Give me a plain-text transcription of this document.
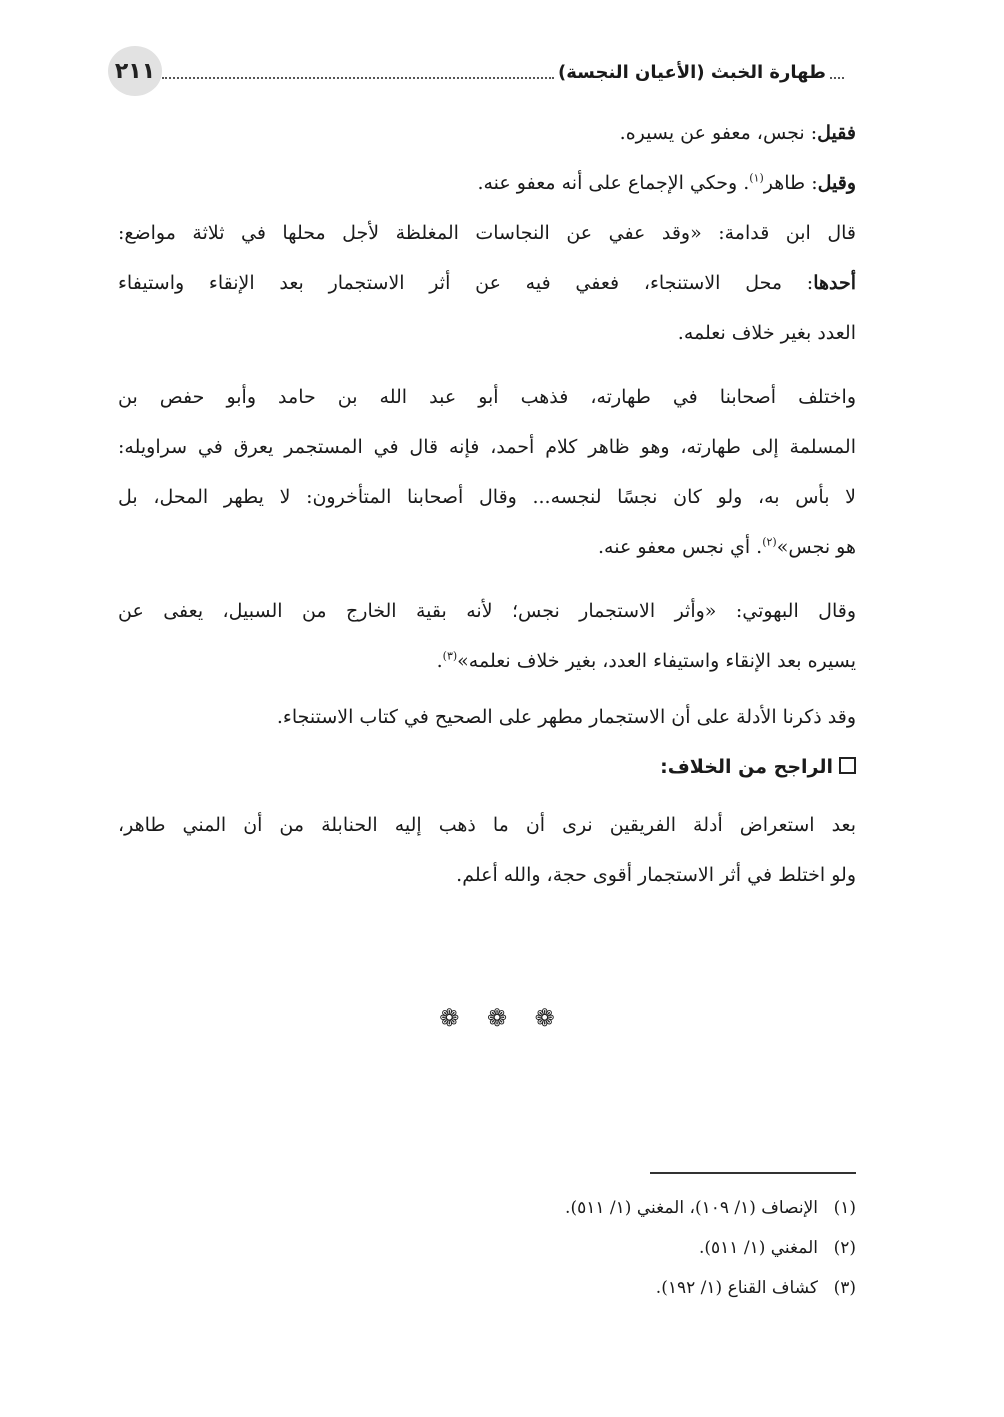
٢١١	طهارة الخبث (الأعيان النجسة)
فقيل: نجس، معفو عن يسيره.
وقيل: طاهر$^{(١)}$. وحكي الإجماع على أنه معفو عنه.
قال ابن قدامة: «وقد عفي عن النجاسات المغلظة لأجل محلها في ثلاثة مواضع:
أحدها: محل الاستنجاء، فعفي فيه عن أثر الاستجمار بعد الإنقاء واستيفاء
العدد بغير خلاف نعلمه.
واختلف أصحابنا في طهارته، فذهب أبو عبد الله بن حامد وأبو حفص بن
المسلمة إلى طهارته، وهو ظاهر كلام أحمد، فإنه قال في المستجمر يعرق في سراويله:
لا بأس به، ولو كان نجسًا لنجسه... وقال أصحابنا المتأخرون: لا يطهر المحل، بل
هو نجس»$^{(٢)}$. أي نجس معفو عنه.
وقال البهوتي: «وأثر الاستجمار نجس؛ لأنه بقية الخارج من السبيل، يعفى عن
يسيره بعد الإنقاء واستيفاء العدد، بغير خلاف نعلمه»$^{(٣)}$.
وقد ذكرنا الأدلة على أن الاستجمار مطهر على الصحيح في كتاب الاستنجاء.
الراجح من الخلاف:
بعد استعراض أدلة الفريقين نرى أن ما ذهب إليه الحنابلة من أن المني طاهر،
ولو اختلط في أثر الاستجمار أقوى حجة، والله أعلم.
❁ ❁ ❁
(١)الإنصاف (١/ ١٠٩)، المغني (١/ ٥١١).
(٢)المغني (١/ ٥١١).
(٣)كشاف القناع (١/ ١٩٢).
